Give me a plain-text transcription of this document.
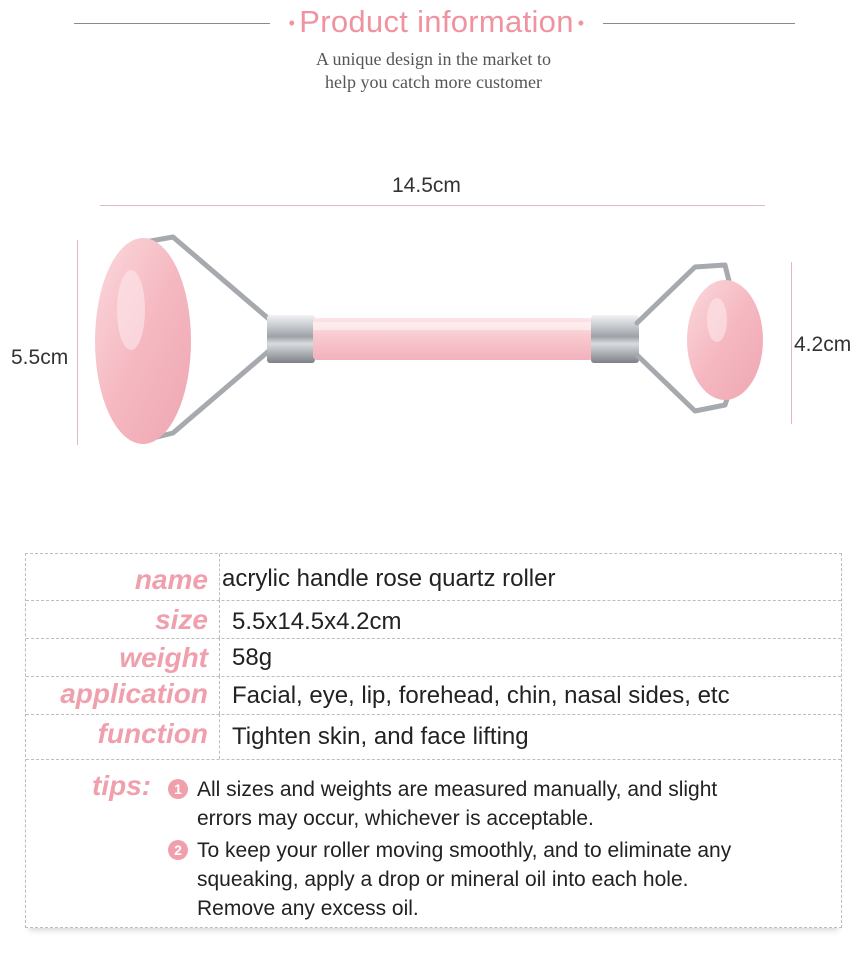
• Product information •
A unique design in the market to
help you catch more customer
14.5cm
5.5cm
4.2cm
name acrylic handle rose quartz roller
size 5.5x14.5x4.2cm
weight 58g
application Facial, eye, lip, forehead, chin, nasal sides, etc
function Tighten skin, and face lifting
tips:	1 All sizes and weights are measured manually, and slight
errors may occur, whichever is acceptable.
2 To keep your roller moving smoothly, and to eliminate any
squeaking, apply a drop or mineral oil into each hole.
Remove any excess oil.
